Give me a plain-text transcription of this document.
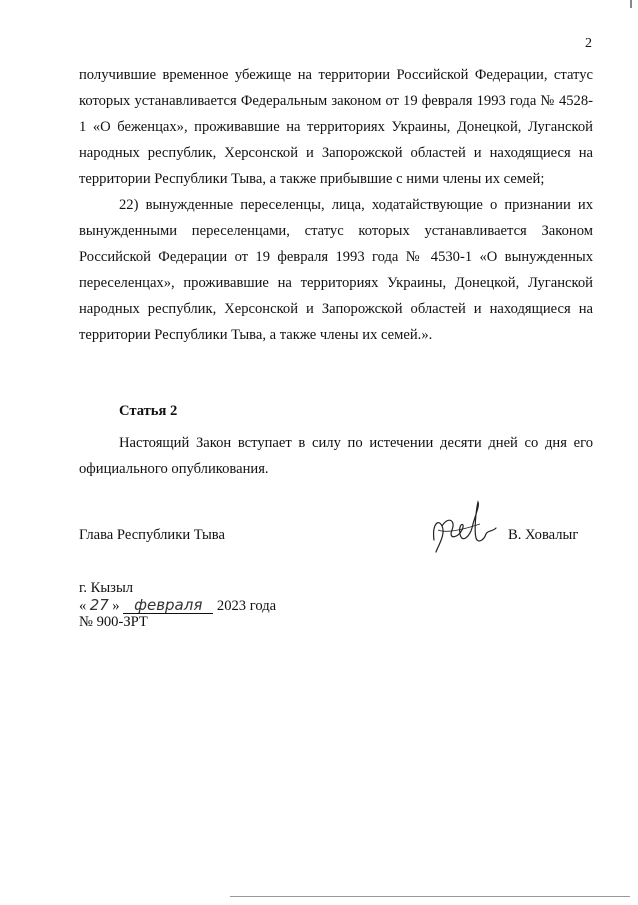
2

получившие временное убежище на территории Российской Федерации, статус которых устанавливается Федеральным законом от 19 февраля 1993 года № 4528-1 «О беженцах», проживавшие на территориях Украины, Донецкой, Луганской народных республик, Херсонской и Запорожской областей и находящиеся на территории Республики Тыва, а также прибывшие с ними члены их семей;

22) вынужденные переселенцы, лица, ходатайствующие о признании их вынужденными переселенцами, статус которых устанавливается Законом Российской Федерации от 19 февраля 1993 года № 4530-1 «О вынужденных переселенцах», проживавшие на территориях Украины, Донецкой, Луганской народных республик, Херсонской и Запорожской областей и находящиеся на территории Республики Тыва, а также члены их семей.».

Статья 2

Настоящий Закон вступает в силу по истечении десяти дней со дня его официального опубликования.

Глава Республики Тыва	В. Ховалыг
г. Кызыл
« 27 » февраля 2023 года
№ 900-ЗРТ
